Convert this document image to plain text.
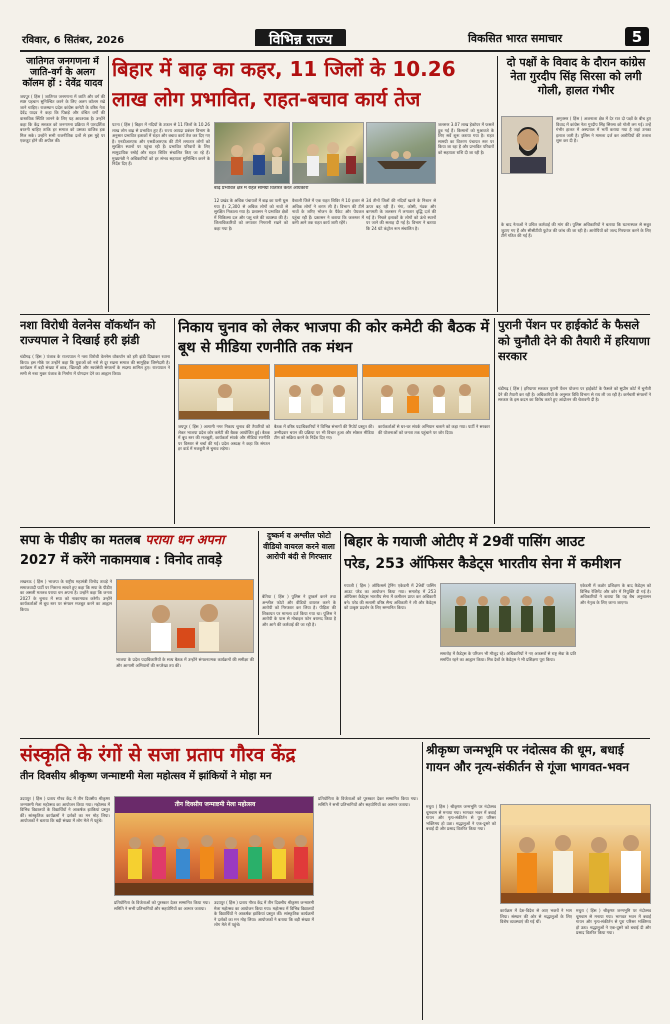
रविवार, 6 सितंबर, 2026	विभिन्न राज्य	विकसित भारत समाचार	5
जातिगत जनगणना में जाति-वर्ग के अलग कॉलम हों : देवेंद्र यादव
जयपुर ( हिंस ) जातिगत जनगणना में जाति और वर्ग की स्पष्ट पहचान सुनिश्चित करने के लिए अलग कॉलम रखे जाने चाहिए। राजस्थान प्रदेश कांग्रेस कमेटी के वरिष्ठ नेता देवेंद्र यादव ने कहा कि पिछड़े और वंचित वर्गों की वास्तविक स्थिति जानने के लिए यह आवश्यक है। उन्होंने कहा कि केंद्र सरकार को जनगणना प्रक्रिया में पारदर्शिता बरतनी चाहिए ताकि हर समाज को उसका वाजिब हक मिल सके। उन्होंने सभी राजनीतिक दलों से इस मुद्दे पर एकजुट होने की अपील की।
बिहार में बाढ़ का कहर, 11 जिलों के 10.26
लाख लोग प्रभावित, राहत-बचाव कार्य तेज
पटना ( हिंस ) बिहार में नदियों के उफान से 11 जिलों के 10.26 लाख लोग बाढ़ से प्रभावित हुए हैं। राज्य आपदा प्रबंधन विभाग के अनुसार प्रभावित इलाकों में राहत और बचाव कार्य तेज कर दिए गए हैं। एनडीआरएफ और एसडीआरएफ की टीमें लगातार लोगों को सुरक्षित स्थानों पर पहुंचा रही हैं। प्रभावित परिवारों के लिए सामुदायिक रसोई और राहत शिविर संचालित किए जा रहे हैं। मुख्यमंत्री ने अधिकारियों को हर संभव सहायता सुनिश्चित करने के निर्देश दिए हैं।
बाढ़ प्रभावित क्षेत्र में राहत सामग्री वितरित करते अधिकारी
12 प्रखंड के अधिक पंचायतों में बाढ़ का पानी घुस गया है। 2,300 से अधिक लोगों को नावों से सुरक्षित निकाला गया है। प्रशासन ने प्रभावित क्षेत्रों में चिकित्सा दल और पशु चारे की व्यवस्था की है। जिलाधिकारियों को लगातार निगरानी रखने को कहा गया है।
वैशाली जिले में एक राहत शिविर में 10 हजार से अधिक लोगों ने शरण ली है। विभाग की टीमें नावों के जरिए भोजन के पैकेट और पेयजल पहुंचा रही हैं। प्रशासन ने बताया कि जलस्तर में कमी आने तक राहत कार्य जारी रहेंगे।
34 तीनों जिलों की नदियाँ खतरे के निशान से ऊपर बह रही हैं। गंगा, कोसी, गंडक और बागमती के जलस्तर में लगातार वृद्धि दर्ज की गई है। निचले इलाकों के लोगों को ऊंचे स्थानों पर जाने की सलाह दी गई है। विभाग ने बताया कि 24 घंटे कंट्रोल रूम संचालित है।
जलस्तर 3.07 लाख हेक्टेयर में फसलें डूब गई हैं। किसानों को मुआवजे के लिए सर्वे शुरू कराया गया है। राहत सामग्री का वितरण पंचायत स्तर पर किया जा रहा है और प्रभावित परिवारों को सहायता राशि दी जा रही है।
दो पक्षों के विवाद के दौरान कांग्रेस नेता गुरदीप सिंह सिरसा को लगी गोली, हालत गंभीर
अमृतसर ( हिंस ) अजनाला क्षेत्र में देर रात दो पक्षों के बीच हुए विवाद में कांग्रेस नेता गुरदीप सिंह सिरसा को गोली लग गई। उन्हें गंभीर हालत में अस्पताल में भर्ती कराया गया है जहां उनका इलाज जारी है। पुलिस ने मामला दर्ज कर आरोपियों की तलाश शुरू कर दी है।
के बाद नेताओं ने उचित कार्रवाई की मांग की। पुलिस अधिकारियों ने बताया कि घटनास्थल से सबूत जुटाए गए हैं और सीसीटीवी फुटेज की जांच की जा रही है। आरोपियों को जल्द गिरफ्तार करने के लिए टीमें गठित की गई हैं।
नशा विरोधी वेलनेस वॉकथॉन को राज्यपाल ने दिखाई हरी झंडी
चंडीगढ़ ( हिंस ) पंजाब के राज्यपाल ने नशा विरोधी वेलनेस वॉकथॉन को हरी झंडी दिखाकर रवाना किया। इस मौके पर उन्होंने कहा कि युवाओं को नशे से दूर रखना समाज की सामूहिक जिम्मेदारी है। कार्यक्रम में बड़ी संख्या में छात्र, खिलाड़ी और स्वयंसेवी संगठनों के सदस्य शामिल हुए। राज्यपाल ने सभी से नशा मुक्त पंजाब के निर्माण में योगदान देने का आह्वान किया।
निकाय चुनाव को लेकर भाजपा की कोर कमेटी की बैठक में बूथ से मीडिया रणनीति तक मंथन
जयपुर ( हिंस ) आगामी नगर निकाय चुनाव की तैयारियों को लेकर भाजपा प्रदेश कोर कमेटी की बैठक आयोजित हुई। बैठक में बूथ स्तर की मजबूती, कार्यकर्ता संपर्क और मीडिया रणनीति पर विस्तार से चर्चा की गई। प्रदेश अध्यक्ष ने कहा कि संगठन हर वार्ड में मजबूती से चुनाव लड़ेगा।
बैठक में वरिष्ठ पदाधिकारियों ने विभिन्न संभागों की रिपोर्ट प्रस्तुत की। उम्मीदवार चयन की प्रक्रिया पर भी विचार हुआ और सोशल मीडिया टीम को सक्रिय करने के निर्देश दिए गए।
कार्यकर्ताओं से घर-घर संपर्क अभियान चलाने को कहा गया। पार्टी ने सरकार की योजनाओं को जनता तक पहुंचाने पर जोर दिया।
पुरानी पेंशन पर हाईकोर्ट के फैसले को चुनौती देने की तैयारी में हरियाणा सरकार
चंडीगढ़ ( हिंस ) हरियाणा सरकार पुरानी पेंशन योजना पर हाईकोर्ट के फैसले को सुप्रीम कोर्ट में चुनौती देने की तैयारी कर रही है। अधिकारियों के अनुसार विधि विभाग से राय ली जा रही है। कर्मचारी संगठनों ने सरकार के इस कदम का विरोध करते हुए आंदोलन की चेतावनी दी है।
सपा के पीडीए का मतलब पराया धन अपना
2027 में करेंगे नाकामयाब : विनोद तावड़े
लखनऊ ( हिंस ) भाजपा के राष्ट्रीय महामंत्री विनोद तावड़े ने समाजवादी पार्टी पर निशाना साधते हुए कहा कि सपा के पीडीए का असली मतलब पराया धन अपना है। उन्होंने कहा कि जनता 2027 के चुनाव में सपा को नाकामयाब करेगी। उन्होंने कार्यकर्ताओं से बूथ स्तर पर संगठन मजबूत करने का आह्वान किया।
भाजपा के प्रदेश पदाधिकारियों के साथ बैठक में उन्होंने संगठनात्मक कार्यक्रमों की समीक्षा की और आगामी अभियानों की रूपरेखा तय की।
दुष्कर्म व अश्लील फोटो वीडियो वायरल करने वाला आरोपी बंदी से गिरफ्तार
बेतिया ( हिंस ) पुलिस ने दुष्कर्म करने तथा अश्लील फोटो और वीडियो वायरल करने के आरोपी को गिरफ्तार कर लिया है। पीड़िता की शिकायत पर मामला दर्ज किया गया था। पुलिस ने आरोपी के पास से मोबाइल फोन बरामद किया है और आगे की कार्रवाई की जा रही है।
बिहार के गयाजी ओटीए में 29वीं पासिंग आउट
परेड, 253 ऑफिसर कैडेट्स भारतीय सेना में कमीशन
गयाजी ( हिंस ) ऑफिसर्स ट्रेनिंग एकेडमी में 29वीं पासिंग आउट परेड का आयोजन किया गया। समारोह में 253 ऑफिसर कैडेट्स भारतीय सेना में कमीशन प्राप्त कर अधिकारी बने। परेड की सलामी वरिष्ठ सैन्य अधिकारी ने ली और कैडेट्स को उत्कृष्ट प्रदर्शन के लिए सम्मानित किया।
समारोह में कैडेट्स के परिजन भी मौजूद रहे। अधिकारियों ने नए अफसरों से राष्ट्र सेवा के प्रति समर्पित रहने का आह्वान किया। मित्र देशों के कैडेट्स ने भी प्रशिक्षण पूरा किया।
एकेडमी में कठोर प्रशिक्षण के बाद कैडेट्स को विभिन्न रेजिमेंट और कोर में नियुक्ति दी गई है। अधिकारियों ने बताया कि यह बैच अनुशासन और नेतृत्व के लिए जाना जाएगा।
संस्कृति के रंगों से सजा प्रताप गौरव केंद्र
तीन दिवसीय श्रीकृष्ण जन्माष्टमी मेला महोत्सव में झांकियों ने मोहा मन
उदयपुर ( हिंस ) प्रताप गौरव केंद्र में तीन दिवसीय श्रीकृष्ण जन्माष्टमी मेला महोत्सव का आयोजन किया गया। महोत्सव में विभिन्न विद्यालयों के विद्यार्थियों ने आकर्षक झांकियां प्रस्तुत कीं। सांस्कृतिक कार्यक्रमों ने दर्शकों का मन मोह लिया। आयोजकों ने बताया कि बड़ी संख्या में लोग मेले में पहुंचे।
तीन दिवसीय जन्माष्टमी मेला महोत्सव
प्रतियोगिता के विजेताओं को पुरस्कार देकर सम्मानित किया गया। समिति ने सभी प्रतिभागियों और सहयोगियों का आभार जताया।
उदयपुर ( हिंस ) प्रताप गौरव केंद्र में तीन दिवसीय श्रीकृष्ण जन्माष्टमी मेला महोत्सव का आयोजन किया गया। महोत्सव में विभिन्न विद्यालयों के विद्यार्थियों ने आकर्षक झांकियां प्रस्तुत कीं। सांस्कृतिक कार्यक्रमों ने दर्शकों का मन मोह लिया। आयोजकों ने बताया कि बड़ी संख्या में लोग मेले में पहुंचे।
प्रतियोगिता के विजेताओं को पुरस्कार देकर सम्मानित किया गया। समिति ने सभी प्रतिभागियों और सहयोगियों का आभार जताया।
श्रीकृष्ण जन्मभूमि पर नंदोत्सव की धूम, बधाई गायन और नृत्य-संकीर्तन से गूंजा भागवत-भवन
मथुरा ( हिंस ) श्रीकृष्ण जन्मभूमि पर नंदोत्सव धूमधाम से मनाया गया। भागवत भवन में बधाई गायन और नृत्य-संकीर्तन से पूरा परिसर भक्तिमय हो उठा। श्रद्धालुओं ने एक-दूसरे को बधाई दी और प्रसाद वितरित किया गया।
कार्यक्रम में देश-विदेश से आए भक्तों ने भाग लिया। संस्थान की ओर से श्रद्धालुओं के लिए विशेष व्यवस्थाएं की गई थीं।
मथुरा ( हिंस ) श्रीकृष्ण जन्मभूमि पर नंदोत्सव धूमधाम से मनाया गया। भागवत भवन में बधाई गायन और नृत्य-संकीर्तन से पूरा परिसर भक्तिमय हो उठा। श्रद्धालुओं ने एक-दूसरे को बधाई दी और प्रसाद वितरित किया गया।
